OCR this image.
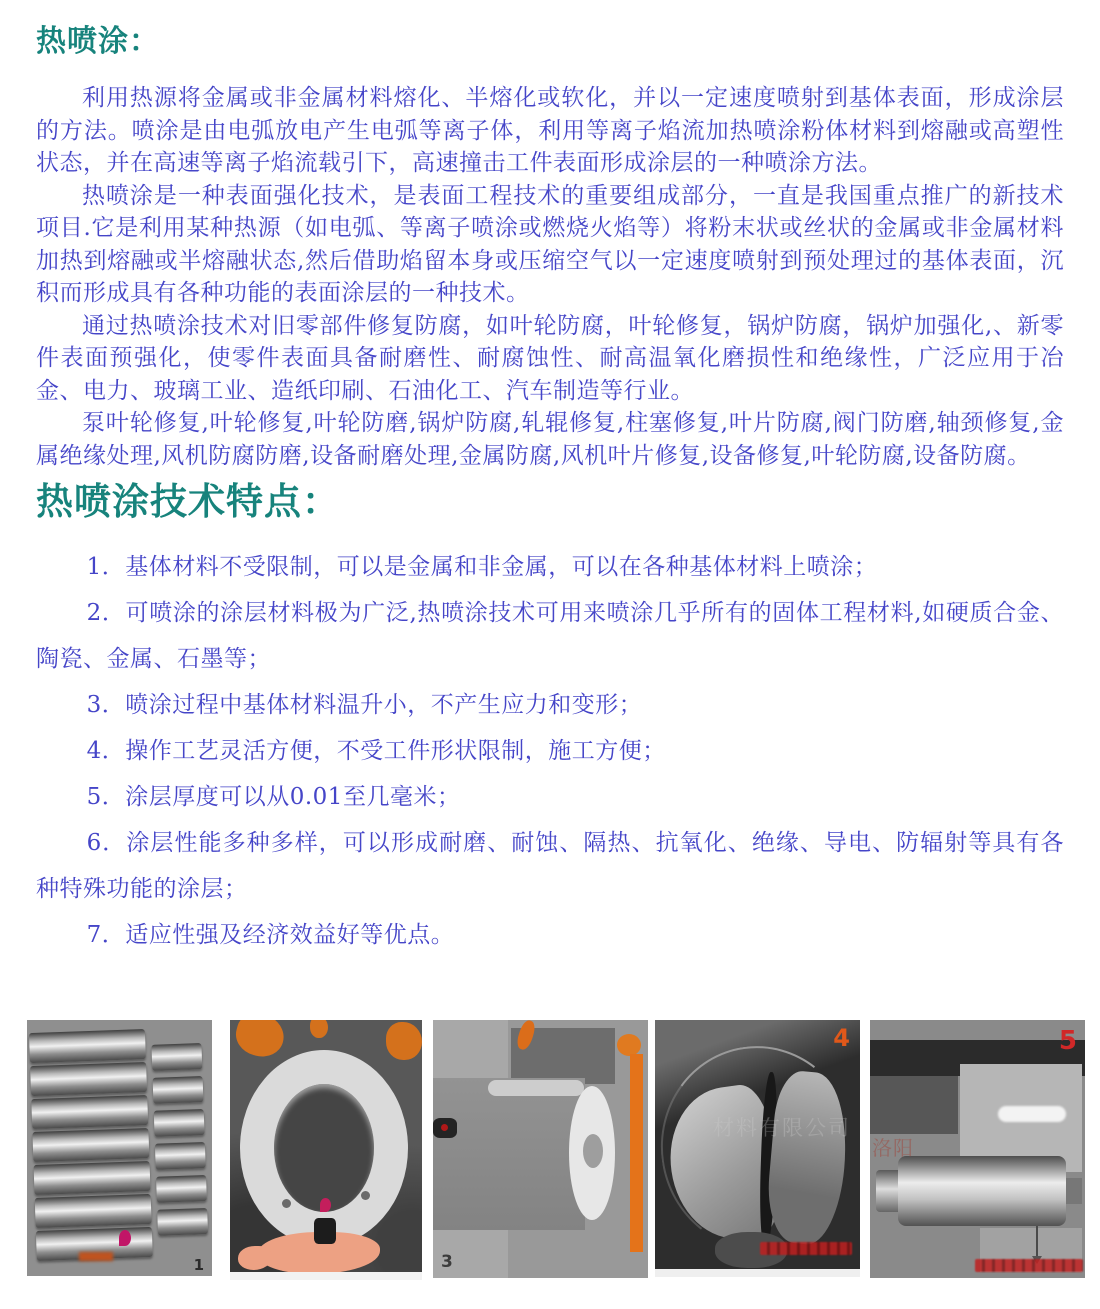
热喷涂：

利用热源将金属或非金属材料熔化、半熔化或软化，并以一定速度喷射到基体表面，形成涂层的方法。喷涂是由电弧放电产生电弧等离子体，利用等离子焰流加热喷涂粉体材料到熔融或高塑性状态，并在高速等离子焰流载引下，高速撞击工件表面形成涂层的一种喷涂方法。

热喷涂是一种表面强化技术，是表面工程技术的重要组成部分，一直是我国重点推广的新技术项目.它是利用某种热源（如电弧、等离子喷涂或燃烧火焰等）将粉末状或丝状的金属或非金属材料加热到熔融或半熔融状态,然后借助焰留本身或压缩空气以一定速度喷射到预处理过的基体表面，沉积而形成具有各种功能的表面涂层的一种技术。

通过热喷涂技术对旧零部件修复防腐，如叶轮防腐，叶轮修复，锅炉防腐，锅炉加强化,、新零件表面预强化，使零件表面具备耐磨性、耐腐蚀性、耐高温氧化磨损性和绝缘性，广泛应用于冶金、电力、玻璃工业、造纸印刷、石油化工、汽车制造等行业。

泵叶轮修复,叶轮修复,叶轮防磨,锅炉防腐,轧辊修复,柱塞修复,叶片防腐,阀门防磨,轴颈修复,金属绝缘处理,风机防腐防磨,设备耐磨处理,金属防腐,风机叶片修复,设备修复,叶轮防腐,设备防腐。

热喷涂技术特点：

1．基体材料不受限制，可以是金属和非金属，可以在各种基体材料上喷涂；

2．可喷涂的涂层材料极为广泛,热喷涂技术可用来喷涂几乎所有的固体工程材料,如硬质合金、陶瓷、金属、石墨等；

3．喷涂过程中基体材料温升小，不产生应力和变形；

4．操作工艺灵活方便，不受工件形状限制，施工方便；

5．涂层厚度可以从0.01至几毫米；

6．涂层性能多种多样，可以形成耐磨、耐蚀、隔热、抗氧化、绝缘、导电、防辐射等具有各种特殊功能的涂层；

7．适应性强及经济效益好等优点。

1	3
材料有限公司
4
洛阳
5
